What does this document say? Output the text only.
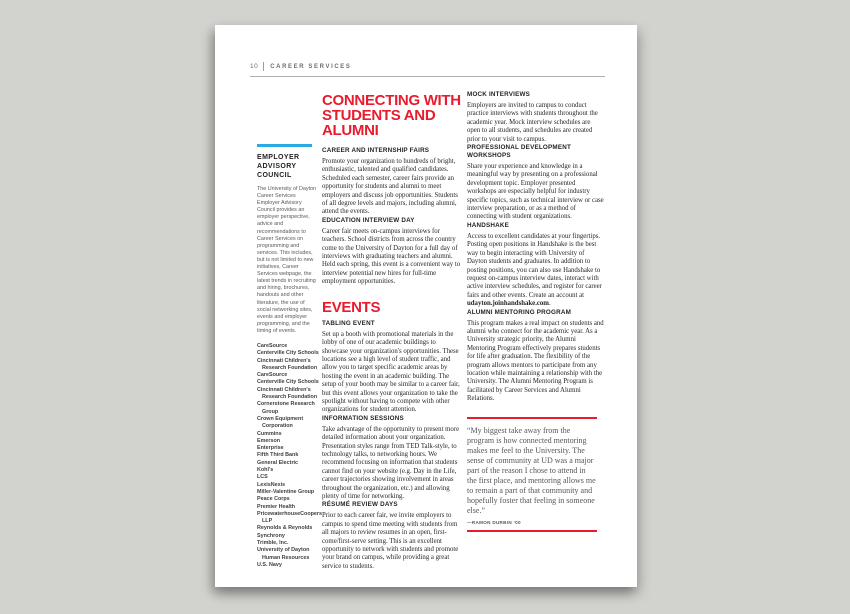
10 CAREER SERVICES
EMPLOYER ADVISORY COUNCIL
The University of Dayton Career Services Employer Advisory Council provides an employer perspective, advice and recommendations to Career Services on programming and services. This includes, but is not limited to new initiatives, Career Services webpage, the latest trends in recruiting and hiring, brochures, handouts and other literature, the use of social networking sites, events and employer programming, and the timing of events.
CareSource
Centerville City Schools
Cincinnati Children's Research Foundation
CareSource
Centerville City Schools
Cincinnati Children's Research Foundation
Cornerstone Research Group
Crown Equipment Corporation
Cummins
Emerson
Enterprise
Fifth Third Bank
General Electric
Kohl's
LCS
LexisNexis
Miller-Valentine Group
Peace Corps
Premier Health
PricewaterhouseCoopers LLP
Reynolds & Reynolds
Synchrony
Trimble, Inc.
University of Dayton Human Resources
U.S. Navy
CONNECTING WITH STUDENTS AND ALUMNI
CAREER AND INTERNSHIP FAIRS

Promote your organization to hundreds of bright, enthusiastic, talented and qualified candidates. Scheduled each semester, career fairs provide an opportunity for students and alumni to meet employers and discuss job opportunities. Students of all degree levels and majors, including alumni, attend the events.

EDUCATION INTERVIEW DAY

Career fair meets on-campus interviews for teachers. School districts from across the country come to the University of Dayton for a full day of interviews with graduating teachers and alumni. Held each spring, this event is a convenient way to interview potential new hires for full-time employment opportunities.

EVENTS
TABLING EVENT

Set up a booth with promotional materials in the lobby of one of our academic buildings to showcase your organization's opportunities. These locations see a high level of student traffic, and allow you to target specific academic areas by hosting the event in an academic building. The setup of your booth may be similar to a career fair, but this event allows your organization to take the spotlight without having to compete with other organizations for student attention.

INFORMATION SESSIONS

Take advantage of the opportunity to present more detailed information about your organization. Presentation styles range from TED Talk-style, to technology talks, to networking hours. We recommend focusing on information that students cannot find on your website (e.g. Day in the Life, career trajectories showing involvement in areas throughout the organization, etc.) and allowing plenty of time for networking.

RÉSUMÉ REVIEW DAYS

Prior to each career fair, we invite employers to campus to spend time meeting with students from all majors to review resumes in an open, first-come/first-serve setting. This is an excellent opportunity to network with students and promote your brand on campus, while providing a great service to students.

MOCK INTERVIEWS

Employers are invited to campus to conduct practice interviews with students throughout the academic year. Mock interview schedules are open to all students, and schedules are created prior to your visit to campus.

PROFESSIONAL DEVELOPMENT WORKSHOPS

Share your experience and knowledge in a meaningful way by presenting on a professional development topic. Employer presented workshops are especially helpful for industry specific topics, such as technical interview or case interview preparation, or as a method of connecting with student organizations.

HANDSHAKE

Access to excellent candidates at your fingertips. Posting open positions in Handshake is the best way to begin interacting with University of Dayton students and graduates. In addition to posting positions, you can also use Handshake to request on-campus interview dates, interact with active interview schedules, and register for career fairs and other events. Create an account at udayton.joinhandshake.com.

ALUMNI MENTORING PROGRAM

This program makes a real impact on students and alumni who connect for the academic year. As a University strategic priority, the Alumni Mentoring Program effectively prepares students for life after graduation. The flexibility of the program allows mentors to participate from any location while maintaining a relationship with the University. The Alumni Mentoring Program is facilitated by Career Services and Alumni Relations.

“My biggest take away from the program is how connected mentoring makes me feel to the University. The sense of community at UD was a major part of the reason I chose to attend in the first place, and mentoring allows me to remain a part of that community and hopefully foster that feeling in someone else.”

—RAMON DURBIN ’00
